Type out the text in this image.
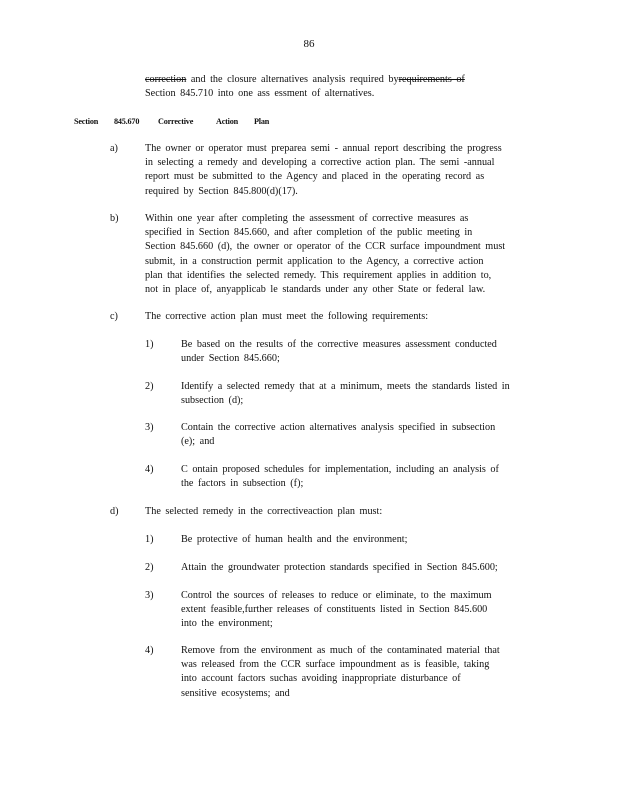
86

correction and the closure alternatives analysis required byrequirements of

Section 845.710 into one ass essment of alternatives.

Section 845.670 Corrective	Action Plan
a)	The owner or operator must preparea semi - annual report describing the progress

in selecting a remedy and developing a corrective action plan. The semi -annual

report must be submitted to the Agency and placed in the operating record as

required by Section 845.800(d)(17).

b)	Within one year after completing the assessment of corrective measures as

specified in Section 845.660, and after completion of the public meeting in

Section 845.660 (d), the owner or operator of the CCR surface impoundment must

submit, in a construction permit application to the Agency, a corrective action

plan that identifies the selected remedy. This requirement applies in addition to,

not in place of, anyapplicab le standards under any other State or federal law.

c)	The corrective action plan must meet the following requirements:

1)	Be based on the results of the corrective measures assessment conducted

under Section 845.660;

2)	Identify a selected remedy that at a minimum, meets the standards listed in

subsection (d);

3)	Contain the corrective action alternatives analysis specified in subsection

(e); and

4)	C ontain proposed schedules for implementation, including an analysis of

the factors in subsection (f);

d)	The selected remedy in the correctiveaction plan must:

1)	Be protective of human health and the environment;

2)	Attain the groundwater protection standards specified in Section 845.600;

3)	Control the sources of releases to reduce or eliminate, to the maximum

extent feasible,further releases of constituents listed in Section 845.600

into the environment;

4)	Remove from the environment as much of the contaminated material that

was released from the CCR surface impoundment as is feasible, taking

into account factors suchas avoiding inappropriate disturbance of

sensitive ecosystems; and
